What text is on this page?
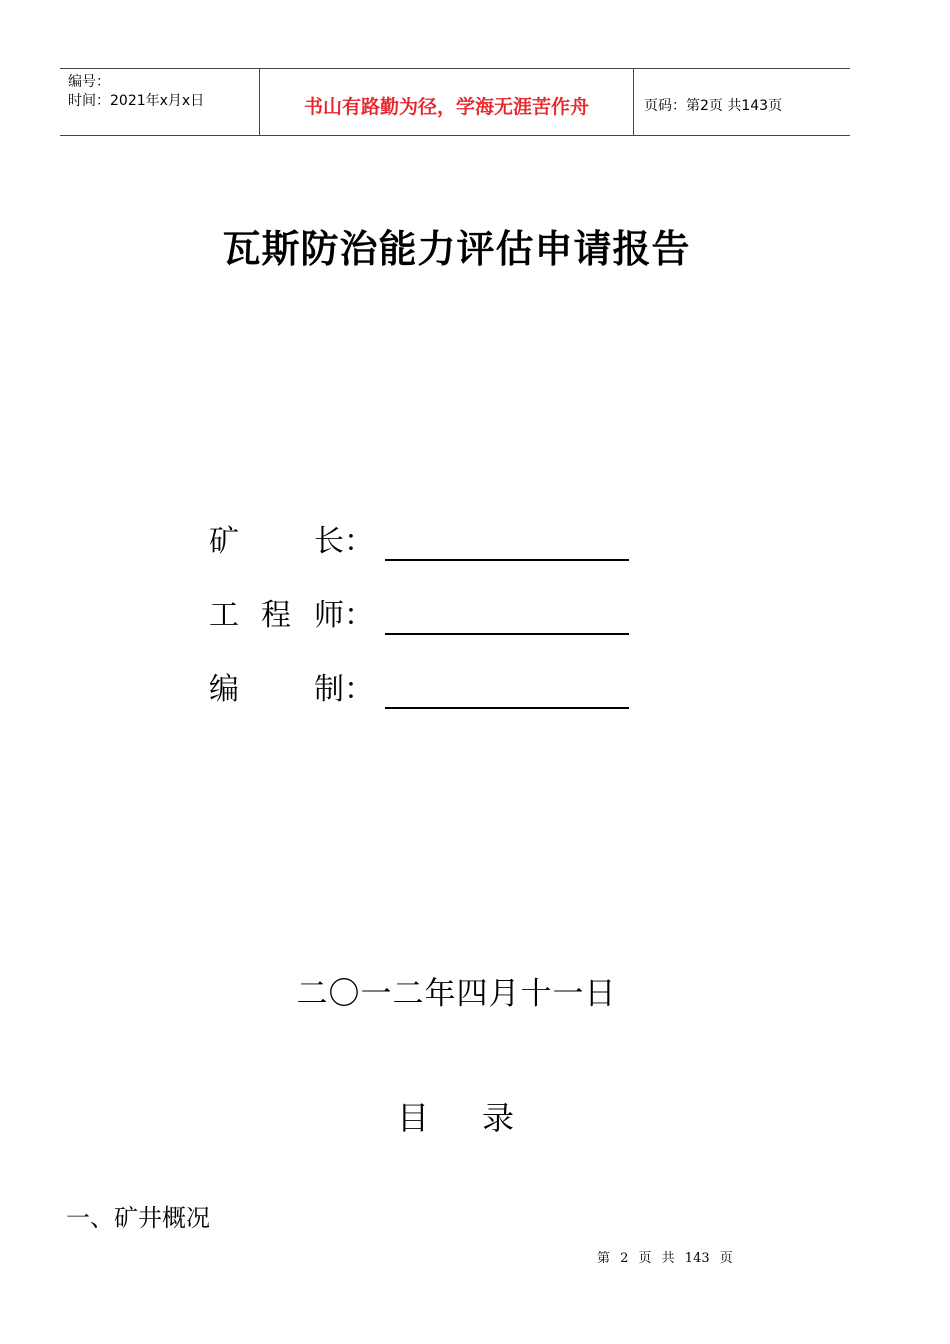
编号：
时间：2021年x月x日	书山有路勤为径，学海无涯苦作舟	页码：第2页 共143页
瓦斯防治能力评估申请报告
矿	长：
工 程 师：
编	制：
二〇一二年四月十一日
目 录
一、矿井概况
第 2 页 共 143 页
